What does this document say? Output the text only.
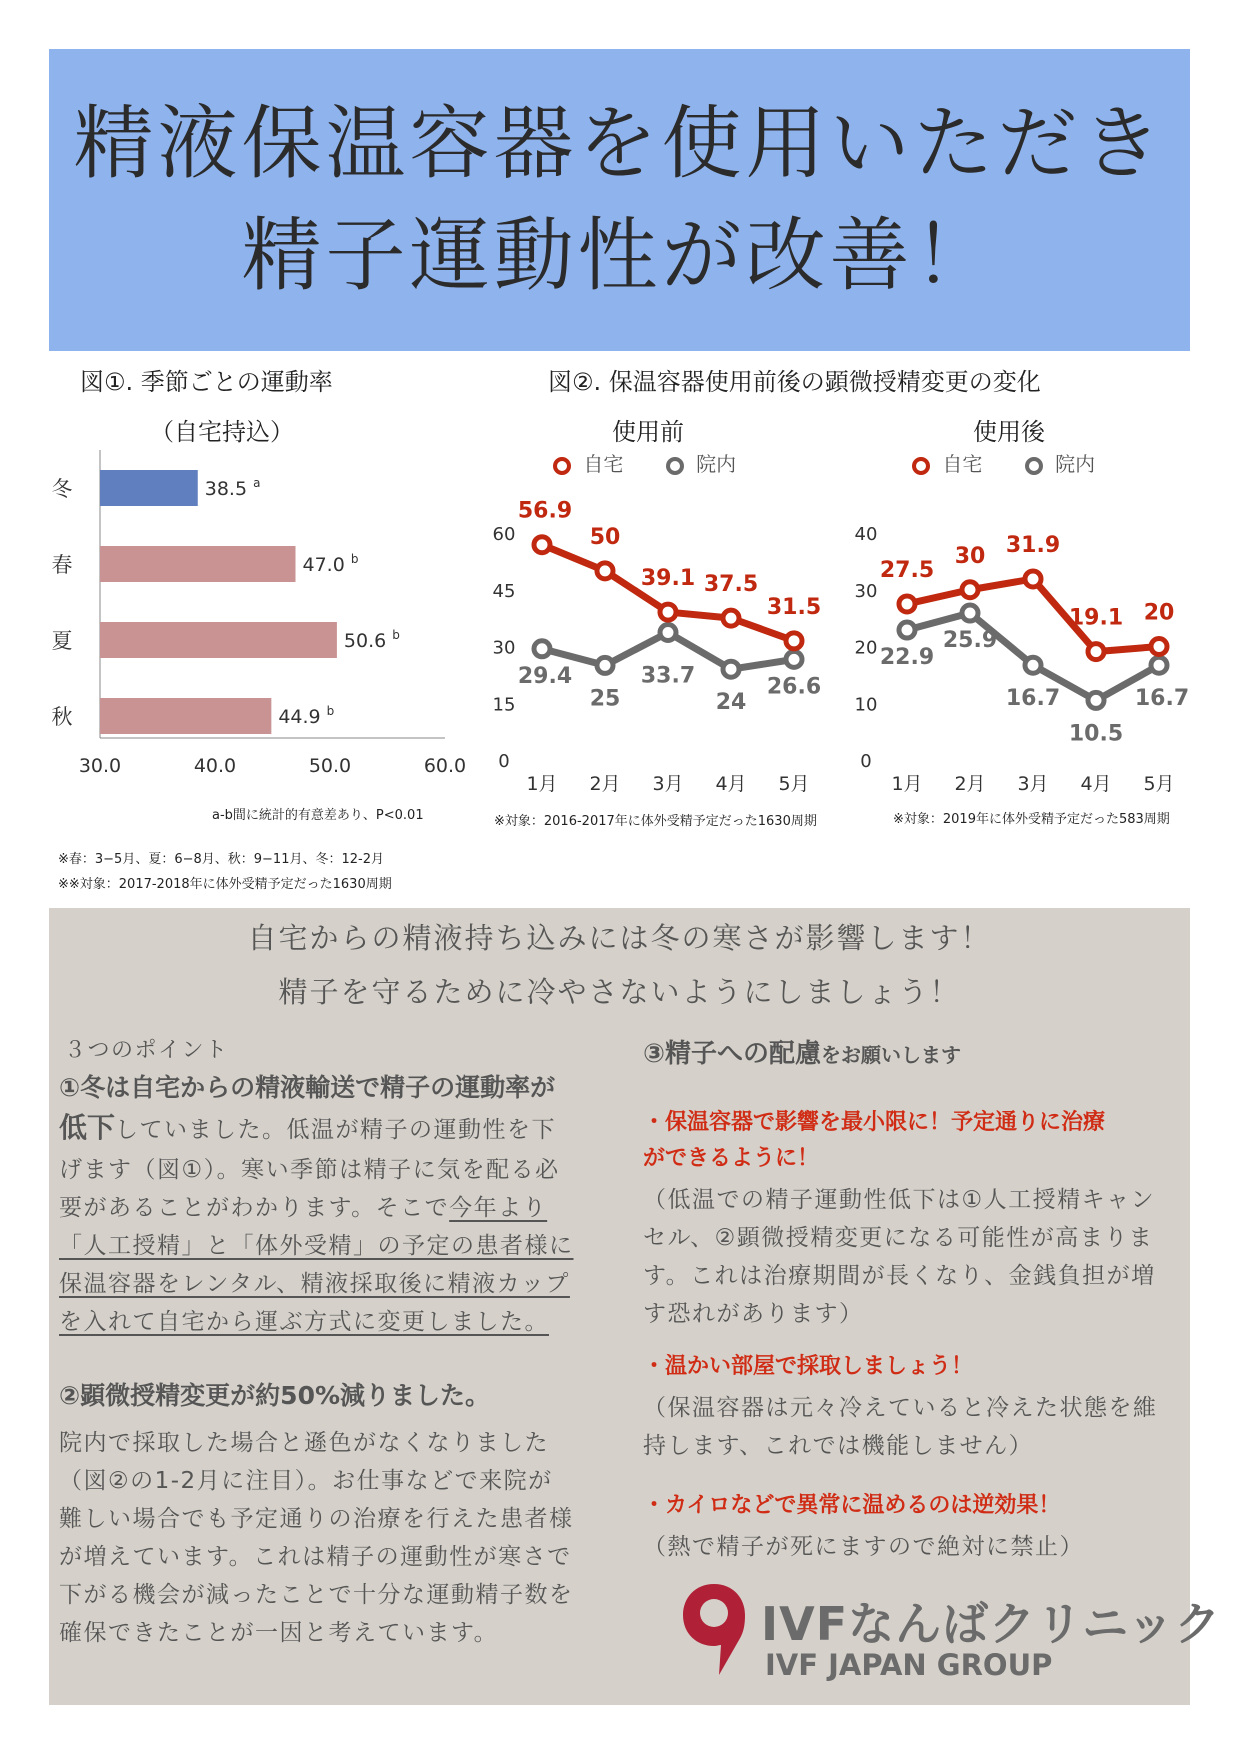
精液保温容器を使用いただき
精子運動性が改善！
図①. 季節ごとの運動率
（自宅持込）
冬	38.5 $^a$
春	47.0 $^b$
夏	50.6 $^b$
秋	44.9 $^b$
30.0	40.0	50.0	60.0
a-b間に統計的有意差あり、P<0.01
※春：3−5月、夏：6−8月、秋：9−11月、冬：12-2月
※※対象：2017-2018年に体外受精予定だった1630周期
図②. 保温容器使用前後の顕微授精変更の変化
使用前	使用後
自宅	院内	自宅	院内
0
15
30
45
60
1月 2月 3月 4月 5月
56.9
50
39.1 37.5
31.5
29.4
25
33.7
24
26.6
0
10
20
30
40
1月 2月 3月 4月 5月
27.5
30 31.9
19.1 20
22.9
25.9
16.7
10.5
16.7
※対象：2016-2017年に体外受精予定だった1630周期	※対象：2019年に体外受精予定だった583周期
自宅からの精液持ち込みには冬の寒さが影響します！
精子を守るために冷やさないようにしましょう！
３つのポイント
①冬は自宅からの精液輸送で精子の運動率が
低下していました。低温が精子の運動性を下
げます（図①）。寒い季節は精子に気を配る必
要があることがわかります。そこで今年より
「人工授精」と「体外受精」の予定の患者様に
保温容器をレンタル、精液採取後に精液カップ
を入れて自宅から運ぶ方式に変更しました。
②顕微授精変更が約50%減りました。
院内で採取した場合と遜色がなくなりました
（図②の1-2月に注目）。お仕事などで来院が
難しい場合でも予定通りの治療を行えた患者様
が増えています。これは精子の運動性が寒さで
下がる機会が減ったことで十分な運動精子数を
確保できたことが一因と考えています。
③精子への配慮をお願いします
・保温容器で影響を最小限に！予定通りに治療
ができるように！
（低温での精子運動性低下は①人工授精キャン
セル、②顕微授精変更になる可能性が高まりま
す。これは治療期間が長くなり、金銭負担が増
す恐れがあります）
・温かい部屋で採取しましょう！
（保温容器は元々冷えていると冷えた状態を維
持します、これでは機能しません）
・カイロなどで異常に温めるのは逆効果！
（熱で精子が死にますので絶対に禁止）
IVFなんばクリニック
IVF JAPAN GROUP
